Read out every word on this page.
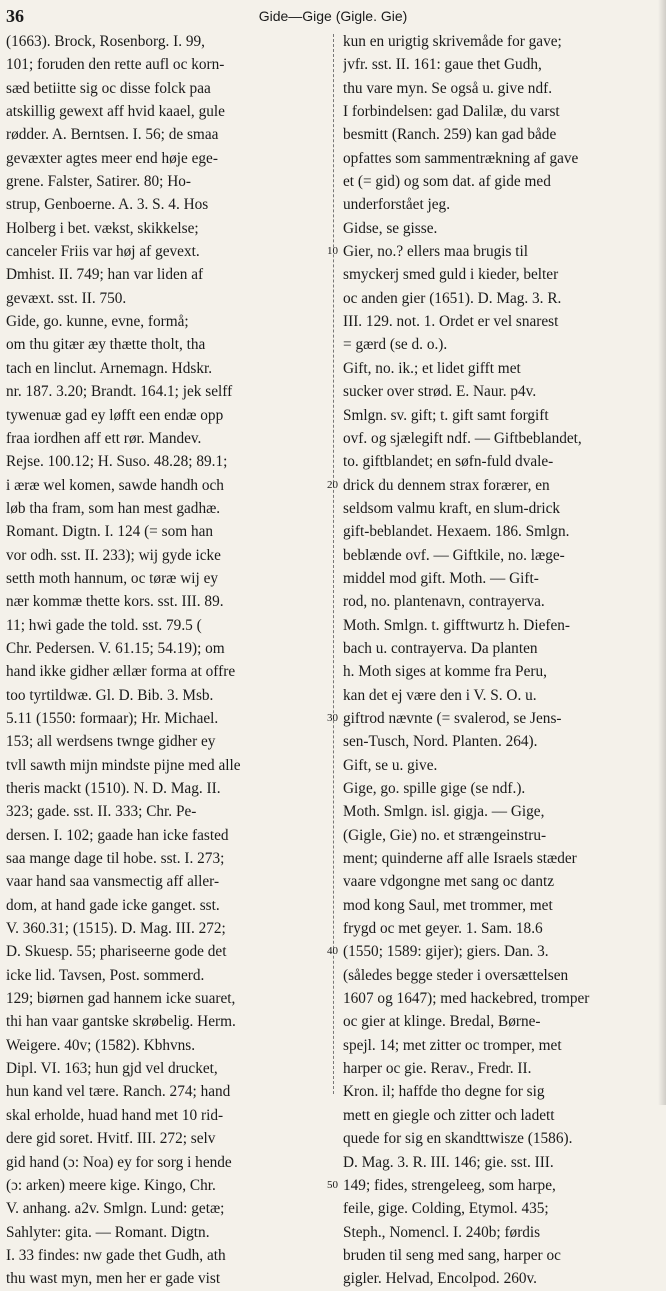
36	Gide—Gige (Gigle. Gie)
(1663). Brock, Rosenborg. I. 99,
101; foruden den rette aufl oc korn-
sæd betiitte sig oc disse folck paa
atskillig gewext aff hvid kaael, gule
rødder. A. Berntsen. I. 56; de smaa
gevæxter agtes meer end høje ege-
grene. Falster, Satirer. 80; Ho-
strup, Genboerne. A. 3. S. 4. Hos
Holberg i bet. vækst, skikkelse;
canceler Friis var høj af gevext.
Dmhist. II. 749; han var liden af
gevæxt. sst. II. 750.
Gide, go. kunne, evne, formå;
om thu gitær æy thætte tholt, tha
tach en linclut. Arnemagn. Hdskr.
nr. 187. 3.20; Brandt. 164.1; jek selff
tywenuæ gad ey løfft een endæ opp
fraa iordhen aff ett rør. Mandev.
Rejse. 100.12; H. Suso. 48.28; 89.1;
i æræ wel komen, sawde handh och
løb tha fram, som han mest gadhæ.
Romant. Digtn. I. 124 (= som han
vor odh. sst. II. 233); wij gyde icke
setth moth hannum, oc tøræ wij ey
nær kommæ thette kors. sst. III. 89.
11; hwi gade the told. sst. 79.5 (
Chr. Pedersen. V. 61.15; 54.19); om
hand ikke gidher ællær forma at offre
too tyrtildwæ. Gl. D. Bib. 3. Msb.
5.11 (1550: formaar); Hr. Michael.
153; all werdsens twnge gidher ey
tvll sawth mijn mindste pijne med alle
theris mackt (1510). N. D. Mag. II.
323; gade. sst. II. 333; Chr. Pe-
dersen. I. 102; gaade han icke fasted
saa mange dage til hobe. sst. I. 273;
vaar hand saa vansmectig aff aller-
dom, at hand gade icke ganget. sst.
V. 360.31; (1515). D. Mag. III. 272;
D. Skuesp. 55; phariseerne gode det
icke lid. Tavsen, Post. sommerd.
129; biørnen gad hannem icke suaret,
thi han vaar gantske skrøbelig. Herm.
Weigere. 40v; (1582). Kbhvns.
Dipl. VI. 163; hun gjd vel drucket,
hun kand vel tære. Ranch. 274; hand
skal erholde, huad hand met 10 rid-
dere gid soret. Hvitf. III. 272; selv
gid hand (ɔ: Noa) ey for sorg i hende
(ɔ: arken) meere kige. Kingo, Chr.
V. anhang. a2v. Smlgn. Lund: getæ;
Sahlyter: gita. — Romant. Digtn.
I. 33 findes: nw gade thet Gudh, ath
thu wast myn, men her er gade vist
10
20
30
40
50
kun en urigtig skrivemåde for gave;
jvfr. sst. II. 161: gaue thet Gudh,
thu vare myn. Se også u. give ndf.
I forbindelsen: gad Dalilæ, du varst
besmitt (Ranch. 259) kan gad både
opfattes som sammentrækning af gave
et (= gid) og som dat. af gide med
underforstået jeg.
Gidse, se gisse.
Gier, no.? ellers maa brugis til
smyckerj smed guld i kieder, belter
oc anden gier (1651). D. Mag. 3. R.
III. 129. not. 1. Ordet er vel snarest
= gærd (se d. o.).
Gift, no. ik.; et lidet gifft met
sucker over strød. E. Naur. p4v.
Smlgn. sv. gift; t. gift samt forgift
ovf. og sjælegift ndf. — Giftbeblandet,
to. giftblandet; en søfn-fuld dvale-
drick du dennem strax forærer, en
seldsom valmu kraft, en slum-drick
gift-beblandet. Hexaem. 186. Smlgn.
beblænde ovf. — Giftkile, no. læge-
middel mod gift. Moth. — Gift-
rod, no. plantenavn, contrayerva.
Moth. Smlgn. t. gifftwurtz h. Diefen-
bach u. contrayerva. Da planten
h. Moth siges at komme fra Peru,
kan det ej være den i V. S. O. u.
giftrod nævnte (= svalerod, se Jens-
sen-Tusch, Nord. Planten. 264).
Gift, se u. give.
Gige, go. spille gige (se ndf.).
Moth. Smlgn. isl. gigja. — Gige,
(Gigle, Gie) no. et strængeinstru-
ment; quinderne aff alle Israels stæder
vaare vdgongne met sang oc dantz
mod kong Saul, met trommer, met
frygd oc met geyer. 1. Sam. 18.6
(1550; 1589: gijer); giers. Dan. 3.
(således begge steder i oversættelsen
1607 og 1647); med hackebred, tromper
oc gier at klinge. Bredal, Børne-
spejl. 14; met zitter oc tromper, met
harper oc gie. Rerav., Fredr. II.
Kron. il; haffde tho degne for sig
mett en giegle och zitter och ladett
quede for sig en skandttwisze (1586).
D. Mag. 3. R. III. 146; gie. sst. III.
149; fides, strengeleeg, som harpe,
feile, gige. Colding, Etymol. 435;
Steph., Nomencl. I. 240b; førdis
bruden til seng med sang, harper oc
gigler. Helvad, Encolpod. 260v.
